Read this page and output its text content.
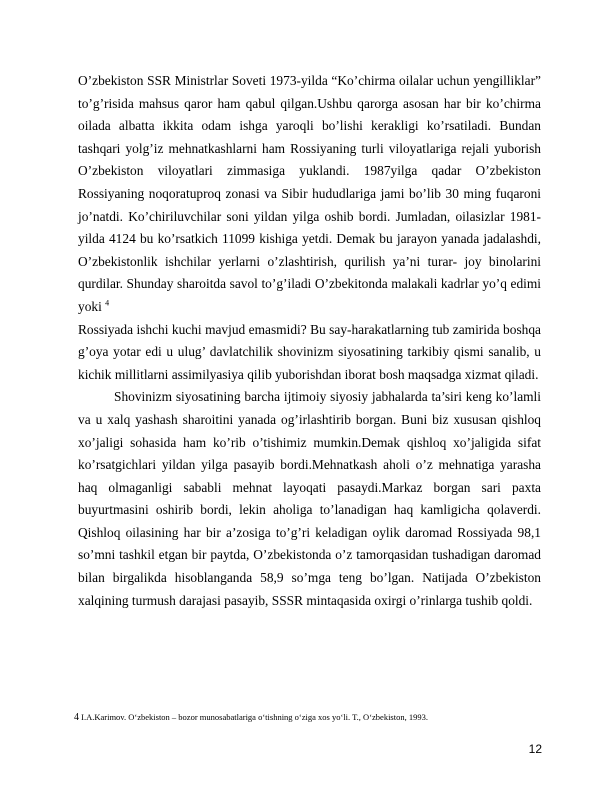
O’zbekiston SSR Ministrlar Soveti 1973-yilda “Ko’chirma oilalar uchun yengilliklar” to’g’risida mahsus qaror ham qabul qilgan.Ushbu qarorga asosan har bir ko’chirma oilada albatta ikkita odam ishga yaroqli bo’lishi kerakligi ko’rsatiladi. Bundan tashqari yolg’iz mehnatkashlarni ham Rossiyaning turli viloyatlariga rejali yuborish O’zbekiston viloyatlari zimmasiga yuklandi. 1987yilga qadar O’zbekiston Rossiyaning noqoratuproq zonasi va Sibir hududlariga jami bo’lib 30 ming fuqaroni jo’natdi. Ko’chiriluvchilar soni yildan yilga oshib bordi. Jumladan, oilasizlar 1981-yilda 4124 bu ko’rsatkich 11099 kishiga yetdi. Demak bu jarayon yanada jadalashdi, O’zbekistonlik ishchilar yerlarni o’zlashtirish, qurilish ya’ni turar- joy binolarini qurdilar. Shunday sharoitda savol to’g’iladi O’zbekitonda malakali kadrlar yo’q edimi yoki $^4$

Rossiyada ishchi kuchi mavjud emasmidi? Bu say-harakatlarning tub zamirida boshqa g’oya yotar edi u ulug’ davlatchilik shovinizm siyosatining tarkibiy qismi sanalib, u kichik millitlarni assimilyasiya qilib yuborishdan iborat bosh maqsadga xizmat qiladi.

Shovinizm siyosatining barcha ijtimoiy siyosiy jabhalarda ta’siri keng ko’lamli va u xalq yashash sharoitini yanada og’irlashtirib borgan. Buni biz xususan qishloq xo’jaligi sohasida ham ko’rib o’tishimiz mumkin.Demak qishloq xo’jaligida sifat ko’rsatgichlari yildan yilga pasayib bordi.Mehnatkash aholi o’z mehnatiga yarasha haq olmaganligi sababli mehnat layoqati pasaydi.Markaz borgan sari paxta buyurtmasini oshirib bordi, lekin aholiga to’lanadigan haq kamligicha qolaverdi. Qishloq oilasining har bir a’zosiga to’g’ri keladigan oylik daromad Rossiyada 98,1 so’mni tashkil etgan bir paytda, O’zbekistonda o’z tamorqasidan tushadigan daromad bilan birgalikda hisoblanganda 58,9 so’mga teng bo’lgan. Natijada O’zbekiston xalqining turmush darajasi pasayib, SSSR mintaqasida oxirgi o’rinlarga tushib qoldi.

4 I.A.Karimov. O‘zbekiston – bozor munosabatlariga o‘tishning o‘ziga xos yo‘li. T., O‘zbekiston, 1993.
12
